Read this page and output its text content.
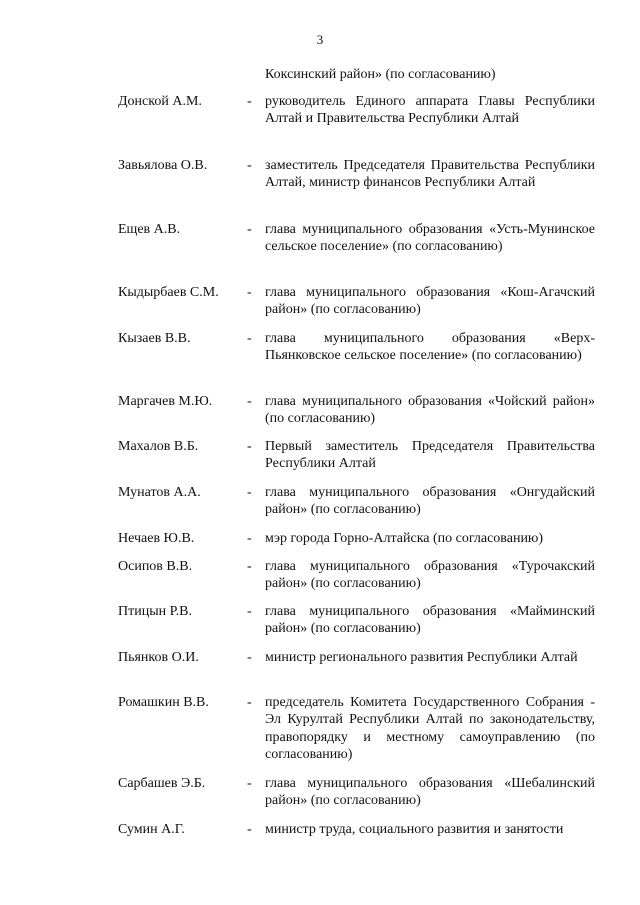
3
Коксинский район» (по согласованию)
Донской А.М.	- руководитель Единого аппарата Главы Республики Алтай и Правительства Республики Алтай
Завьялова О.В.	- заместитель Председателя Правительства Республики Алтай, министр финансов Республики Алтай
Ещев А.В.	- глава муниципального образования «Усть-Мунинское сельское поселение» (по согласованию)
Кыдырбаев С.М. - глава муниципального образования «Кош-Агачский район» (по согласованию)
Кызаев В.В.	- глава муниципального образования «Верх-Пьянковское сельское поселение» (по согласованию)
Маргачев М.Ю. - глава муниципального образования «Чойский район» (по согласованию)
Махалов В.Б.	- Первый заместитель Председателя Правительства Республики Алтай
Мунатов А.А.	- глава муниципального образования «Онгудайский район» (по согласованию)
Нечаев Ю.В.	- мэр города Горно-Алтайска (по согласованию)
Осипов В.В.	- глава муниципального образования «Турочакский район» (по согласованию)
Птицын Р.В.	- глава муниципального образования «Майминский район» (по согласованию)
Пьянков О.И.	- министр регионального развития Республики Алтай
Ромашкин В.В.	- председатель Комитета Государственного Собрания - Эл Курултай Республики Алтай по законодательству, правопорядку и местному самоуправлению (по согласованию)
Сарбашев Э.Б.	- глава муниципального образования «Шебалинский район» (по согласованию)
Сумин А.Г.	- министр труда, социального развития и занятости
